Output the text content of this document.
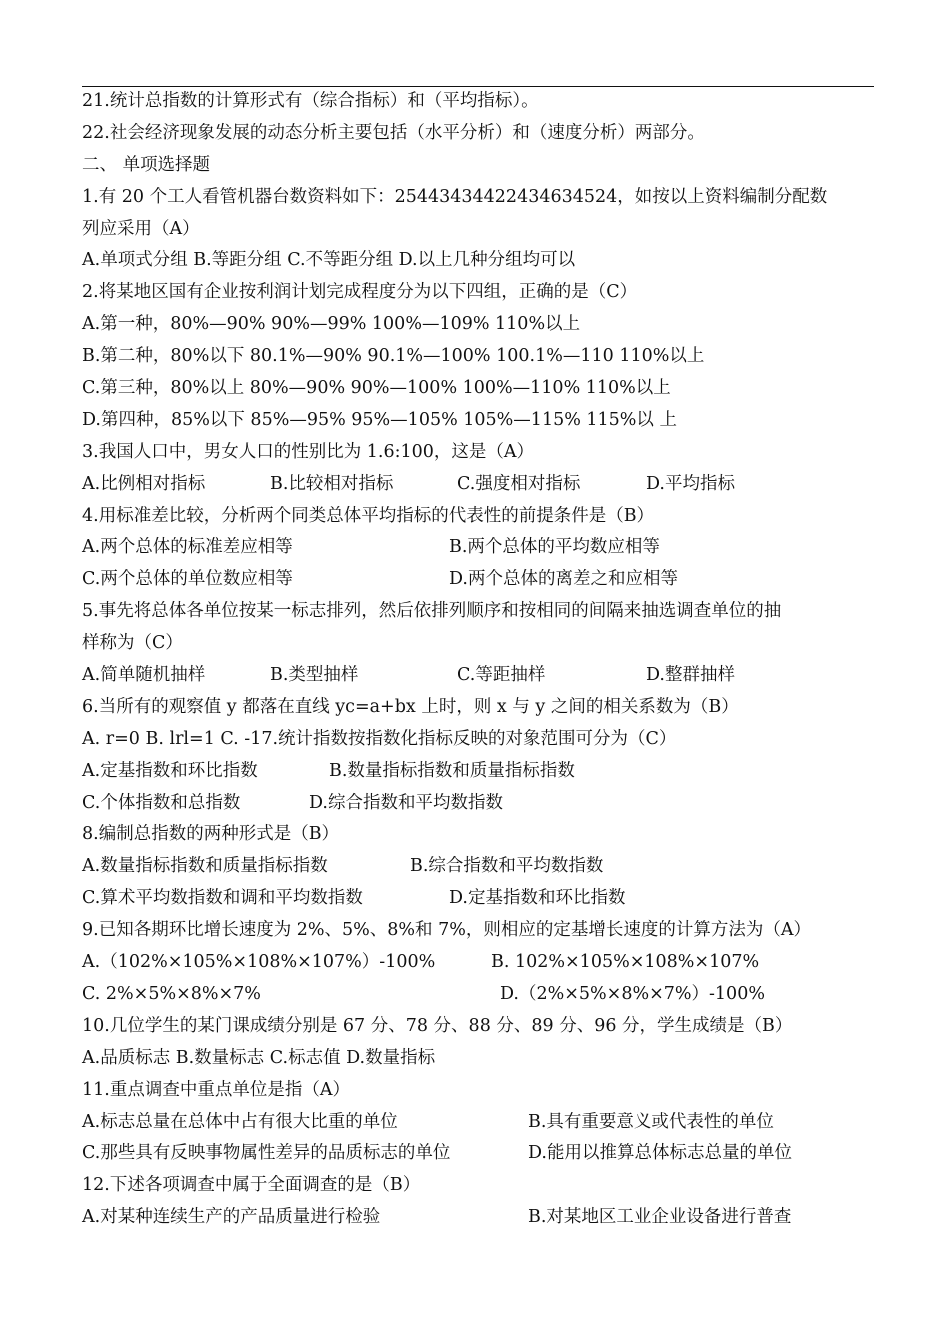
21.统计总指数的计算形式有（综合指标）和（平均指标）。
22.社会经济现象发展的动态分析主要包括（水平分析）和（速度分析）两部分。
二、 单项选择题
1.有 20 个工人看管机器台数资料如下：25443434422434634524，如按以上资料编制分配数
列应采用（A）
A.单项式分组 B.等距分组 C.不等距分组 D.以上几种分组均可以
2.将某地区国有企业按利润计划完成程度分为以下四组，正确的是（C）
A.第一种，80%—90% 90%—99% 100%—109% 110%以上
B.第二种，80%以下 80.1%—90% 90.1%—100% 100.1%—110 110%以上
C.第三种，80%以上 80%—90% 90%—100% 100%—110% 110%以上
D.第四种，85%以下 85%—95% 95%—105% 105%—115% 115%以 上
3.我国人口中，男女人口的性别比为 1.6:100，这是（A）
A.比例相对指标	B.比较相对指标	C.强度相对指标	D.平均指标
4.用标准差比较，分析两个同类总体平均指标的代表性的前提条件是（B）
A.两个总体的标准差应相等	B.两个总体的平均数应相等
C.两个总体的单位数应相等	D.两个总体的离差之和应相等
5.事先将总体各单位按某一标志排列，然后依排列顺序和按相同的间隔来抽选调查单位的抽
样称为（C）
A.简单随机抽样	B.类型抽样	C.等距抽样	D.整群抽样
6.当所有的观察值 y 都落在直线 yc=a+bx 上时，则 x 与 y 之间的相关系数为（B）
A. r=0 B. lrl=1 C. -17.统计指数按指数化指标反映的对象范围可分为（C）
A.定基指数和环比指数	B.数量指标指数和质量指标指数
C.个体指数和总指数	D.综合指数和平均数指数
8.编制总指数的两种形式是（B）
A.数量指标指数和质量指标指数	B.综合指数和平均数指数
C.算术平均数指数和调和平均数指数	D.定基指数和环比指数
9.已知各期环比增长速度为 2%、5%、8%和 7%，则相应的定基增长速度的计算方法为（A）
A.（102%×105%×108%×107%）-100%	B. 102%×105%×108%×107%
C. 2%×5%×8%×7%	D.（2%×5%×8%×7%）-100%
10.几位学生的某门课成绩分别是 67 分、78 分、88 分、89 分、96 分，学生成绩是（B）
A.品质标志 B.数量标志 C.标志值 D.数量指标
11.重点调查中重点单位是指（A）
A.标志总量在总体中占有很大比重的单位	B.具有重要意义或代表性的单位
C.那些具有反映事物属性差异的品质标志的单位	D.能用以推算总体标志总量的单位
12.下述各项调查中属于全面调查的是（B）
A.对某种连续生产的产品质量进行检验	B.对某地区工业企业设备进行普查
